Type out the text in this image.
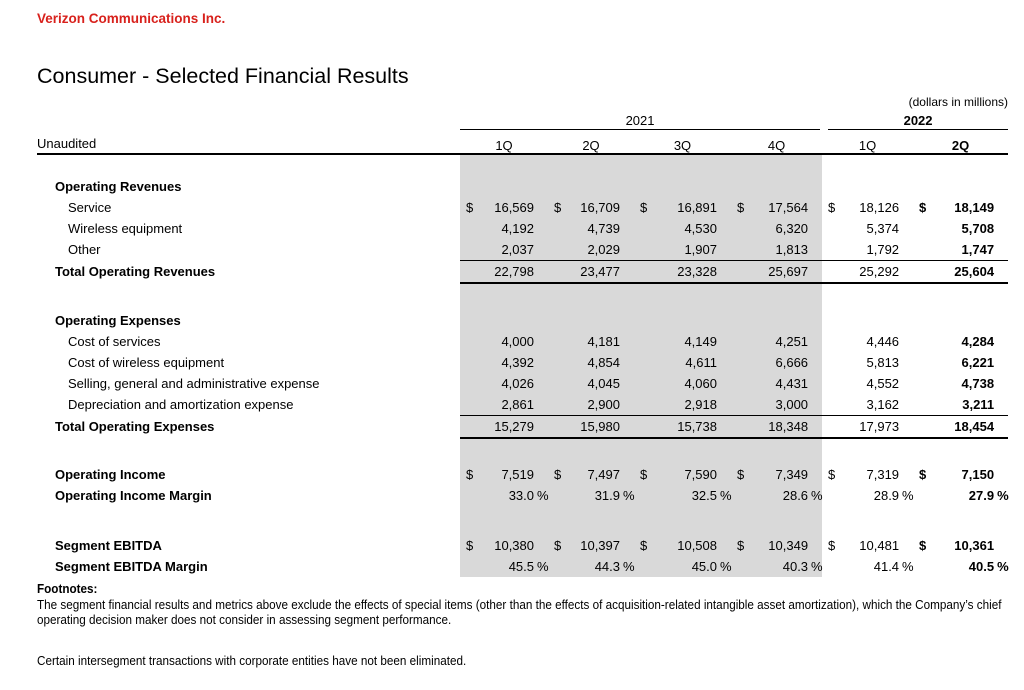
Verizon Communications Inc.
Consumer - Selected Financial Results
(dollars in millions)

	2021				2022	

Unaudited	1Q	2Q	3Q	4Q	1Q	2Q

Operating Revenues						
Service	$ 16,569	$ 16,709	$ 16,891	$ 17,564	$ 18,126	$ 18,149

Wireless equipment	4,192	4,739	4,530	6,320	5,374	5,708

Other	2,037	2,029	1,907	1,813	1,792	1,747

Total Operating Revenues	22,798	23,477	23,328	25,697	25,292	25,604

Operating Expenses						
Cost of services	4,000	4,181	4,149	4,251	4,446	4,284

Cost of wireless equipment	4,392	4,854	4,611	6,666	5,813	6,221

Selling, general and administrative expense	4,026	4,045	4,060	4,431	4,552	4,738

Depreciation and amortization expense	2,861	2,900	2,918	3,000	3,162	3,211

Total Operating Expenses	15,279	15,980	15,738	18,348	17,973	18,454

Operating Income	$ 7,519	$ 7,497	$ 7,590	$ 7,349	$ 7,319	$ 7,150

Operating Income Margin	33.0 %	31.9 %	32.5 %	28.6 %	28.9 %	27.9 %

Segment EBITDA	$ 10,380	$ 10,397	$ 10,508	$ 10,349	$ 10,481	$ 10,361

Segment EBITDA Margin	45.5 %	44.3 %	45.0 %	40.3 %	41.4 %	40.5 %
Footnotes:

The segment financial results and metrics above exclude the effects of special items (other than the effects of acquisition-related intangible asset amortization), which the Company’s chief operating decision maker does not consider in assessing segment performance.

Certain intersegment transactions with corporate entities have not been eliminated.
